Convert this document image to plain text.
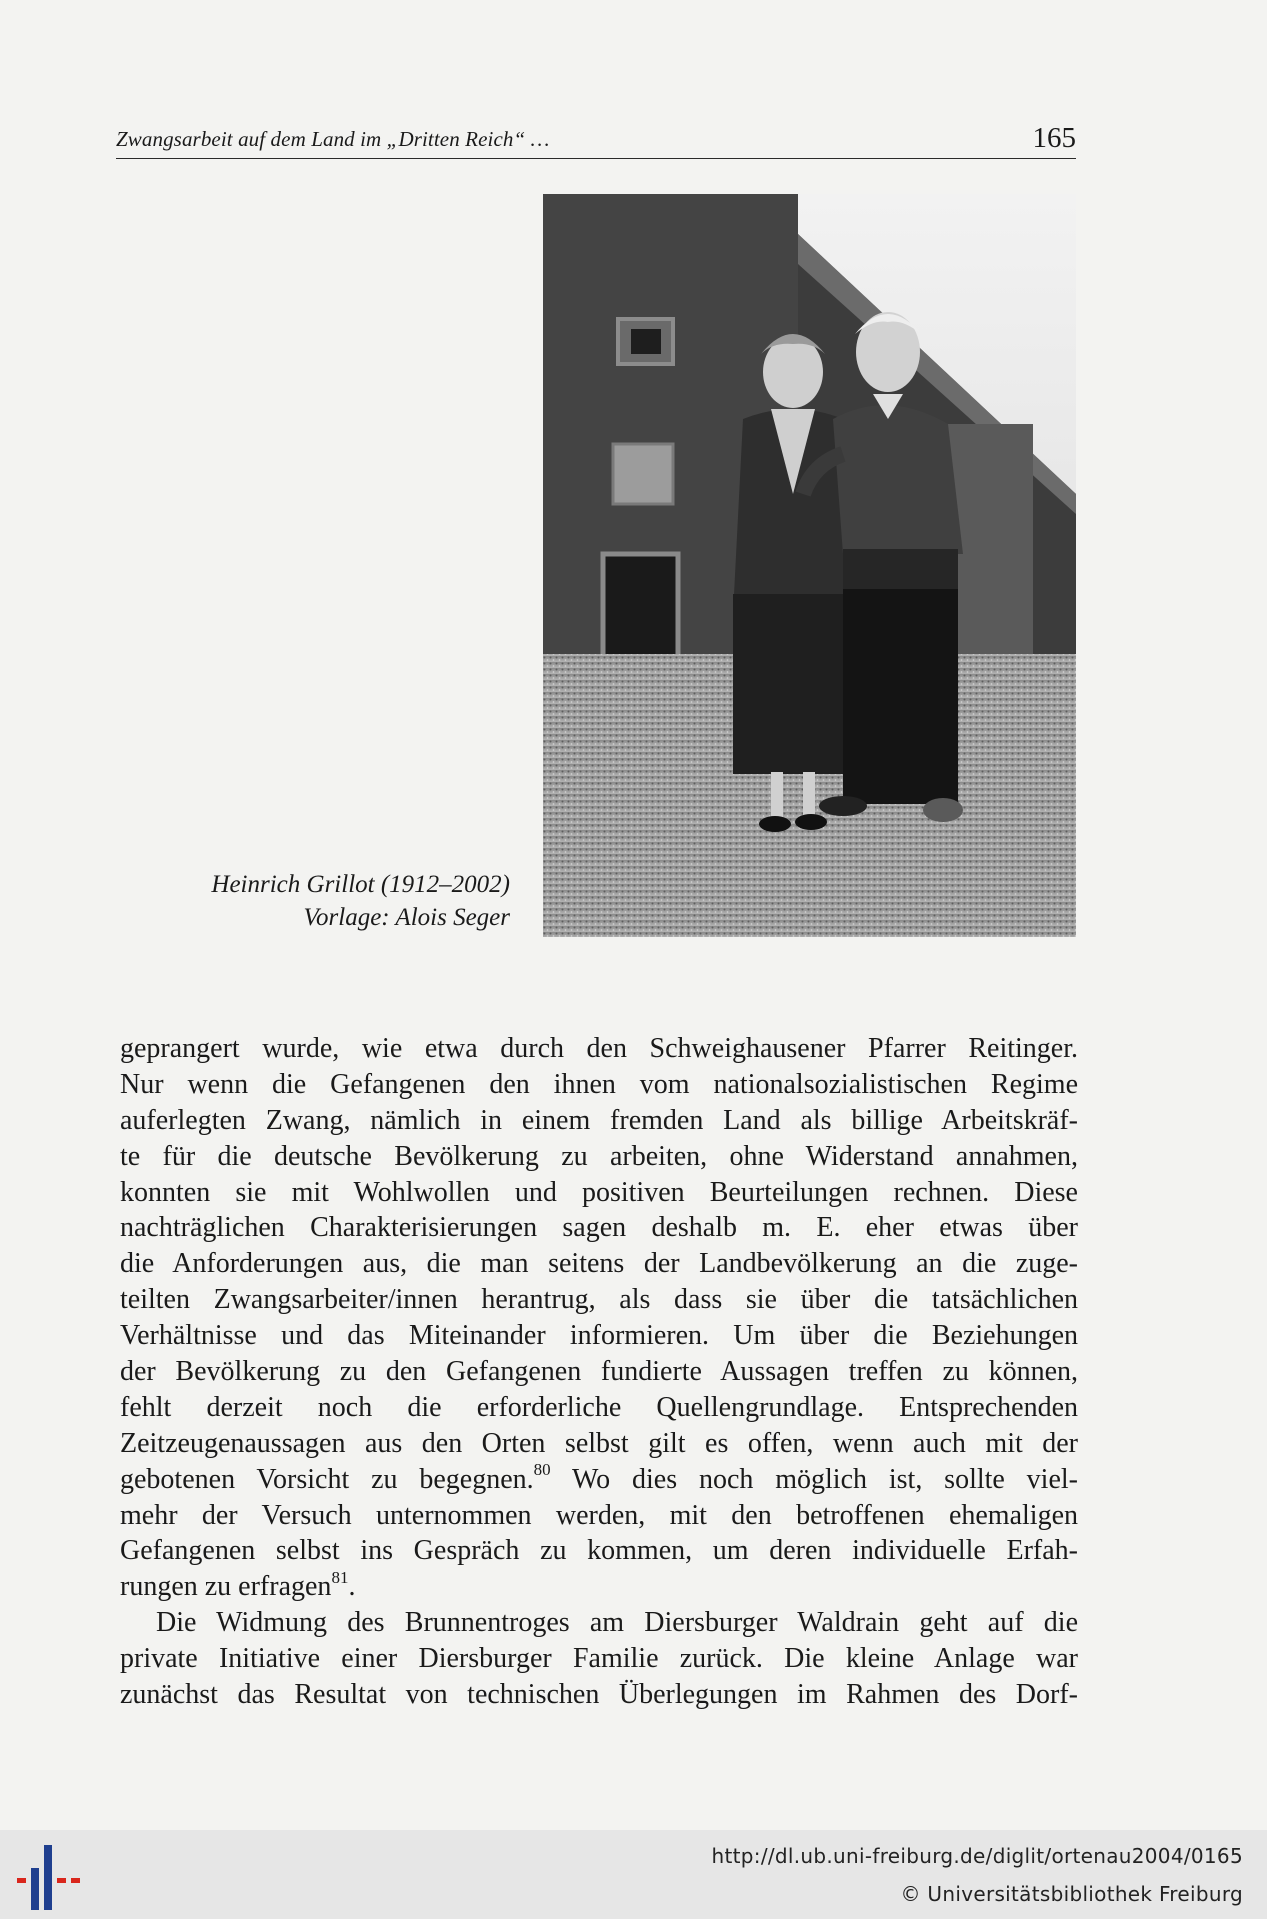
Zwangsarbeit auf dem Land im „Dritten Reich“ …	165
Heinrich Grillot (1912–2002)
Vorlage: Alois Seger
geprangert wurde, wie etwa durch den Schweighausener Pfarrer Reitinger.
Nur wenn die Gefangenen den ihnen vom nationalsozialistischen Regime
auferlegten Zwang, nämlich in einem fremden Land als billige Arbeitskräf-
te für die deutsche Bevölkerung zu arbeiten, ohne Widerstand annahmen,
konnten sie mit Wohlwollen und positiven Beurteilungen rechnen. Diese
nachträglichen Charakterisierungen sagen deshalb m. E. eher etwas über
die Anforderungen aus, die man seitens der Landbevölkerung an die zuge-
teilten Zwangsarbeiter/innen herantrug, als dass sie über die tatsächlichen
Verhältnisse und das Miteinander informieren. Um über die Beziehungen
der Bevölkerung zu den Gefangenen fundierte Aussagen treffen zu können,
fehlt derzeit noch die erforderliche Quellengrundlage. Entsprechenden
Zeitzeugenaussagen aus den Orten selbst gilt es offen, wenn auch mit der
gebotenen Vorsicht zu begegnen.$^{80}$ Wo dies noch möglich ist, sollte viel-
mehr der Versuch unternommen werden, mit den betroffenen ehemaligen
Gefangenen selbst ins Gespräch zu kommen, um deren individuelle Erfah-
rungen zu erfragen$^{81}$.
Die Widmung des Brunnentroges am Diersburger Waldrain geht auf die
private Initiative einer Diersburger Familie zurück. Die kleine Anlage war
zunächst das Resultat von technischen Überlegungen im Rahmen des Dorf-
http://dl.ub.uni-freiburg.de/diglit/ortenau2004/0165
© Universitätsbibliothek Freiburg
